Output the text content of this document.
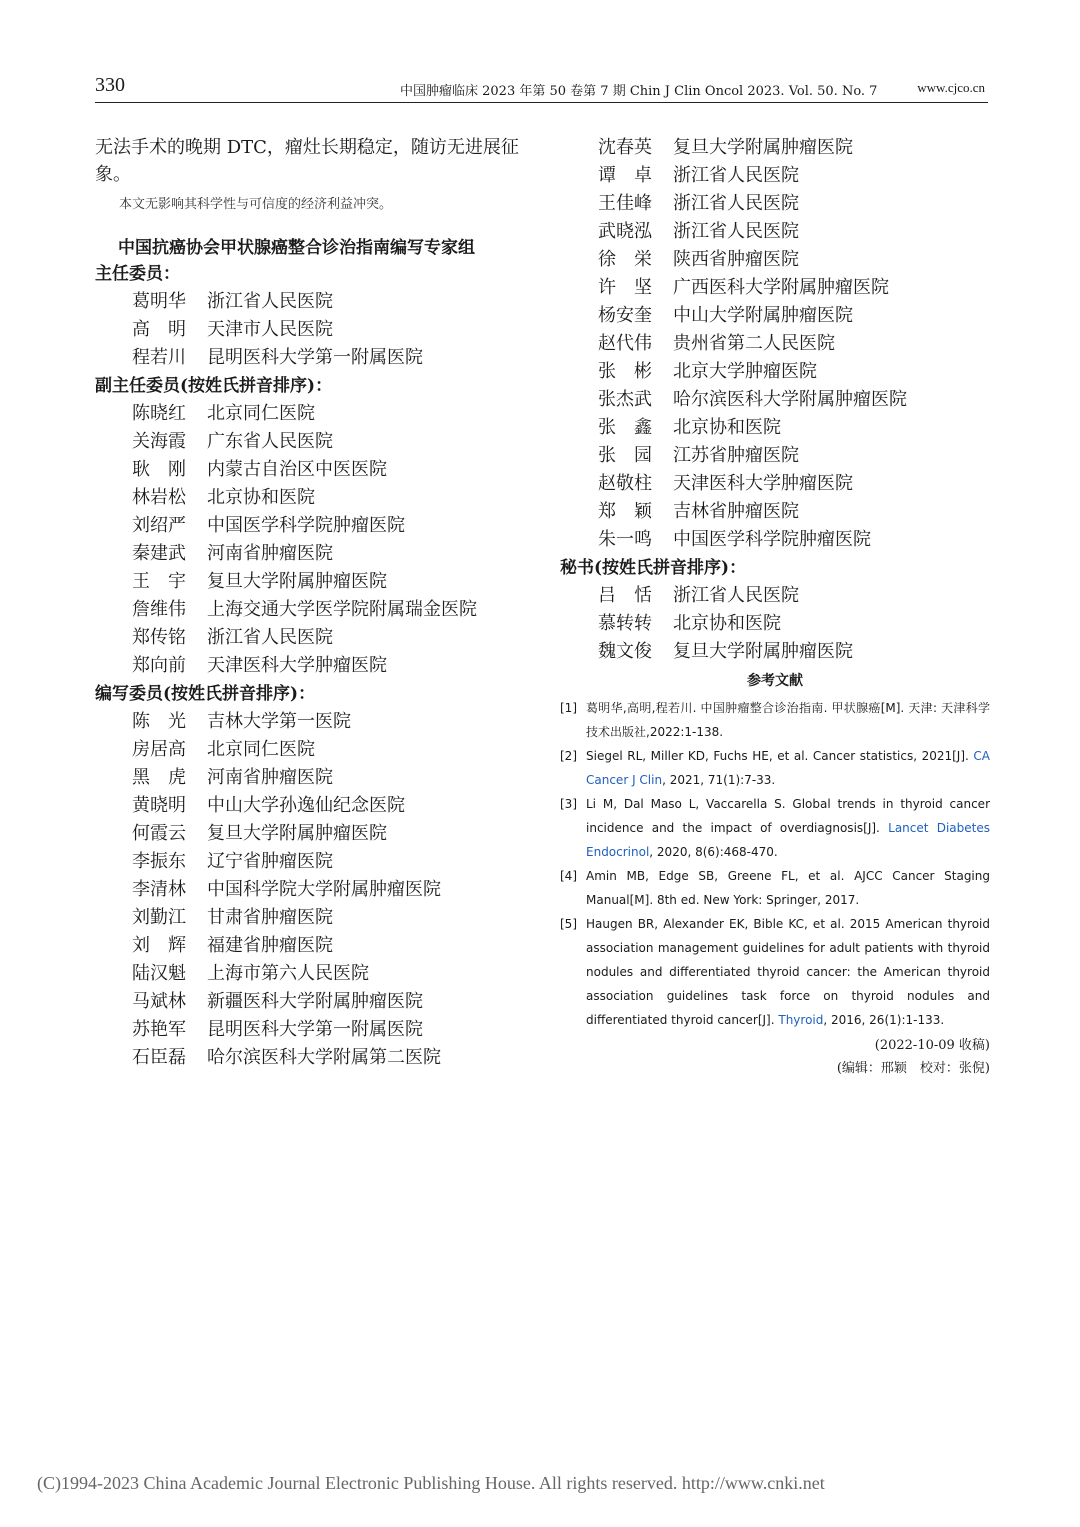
330	中国肿瘤临床 2023 年第 50 卷第 7 期 Chin J Clin Oncol 2023. Vol. 50. No. 7	www.cjco.cn

无法手术的晚期 DTC，瘤灶长期稳定，随访无进展征象。

本文无影响其科学性与可信度的经济利益冲突。

中国抗癌协会甲状腺癌整合诊治指南编写专家组
主任委员：
葛明华	浙江省人民医院
高　明	天津市人民医院
程若川	昆明医科大学第一附属医院
副主任委员(按姓氏拼音排序)：
陈晓红	北京同仁医院
关海霞	广东省人民医院
耿　刚	内蒙古自治区中医医院
林岩松	北京协和医院
刘绍严	中国医学科学院肿瘤医院
秦建武	河南省肿瘤医院
王　宇	复旦大学附属肿瘤医院
詹维伟	上海交通大学医学院附属瑞金医院
郑传铭	浙江省人民医院
郑向前	天津医科大学肿瘤医院
编写委员(按姓氏拼音排序)：
陈　光	吉林大学第一医院
房居高	北京同仁医院
黑　虎	河南省肿瘤医院
黄晓明	中山大学孙逸仙纪念医院
何霞云	复旦大学附属肿瘤医院
李振东	辽宁省肿瘤医院
李清林	中国科学院大学附属肿瘤医院
刘勤江	甘肃省肿瘤医院
刘　辉	福建省肿瘤医院
陆汉魁	上海市第六人民医院
马斌林	新疆医科大学附属肿瘤医院
苏艳军	昆明医科大学第一附属医院
石臣磊	哈尔滨医科大学附属第二医院
沈春英	复旦大学附属肿瘤医院
谭　卓	浙江省人民医院
王佳峰	浙江省人民医院
武晓泓	浙江省人民医院
徐　栄	陕西省肿瘤医院
许　坚	广西医科大学附属肿瘤医院
杨安奎	中山大学附属肿瘤医院
赵代伟	贵州省第二人民医院
张　彬	北京大学肿瘤医院
张杰武	哈尔滨医科大学附属肿瘤医院
张　鑫	北京协和医院
张　园	江苏省肿瘤医院
赵敬柱	天津医科大学肿瘤医院
郑　颖	吉林省肿瘤医院
朱一鸣	中国医学科学院肿瘤医院
秘书(按姓氏拼音排序)：
吕　恬	浙江省人民医院
慕转转	北京协和医院
魏文俊	复旦大学附属肿瘤医院
参考文献
[1] 葛明华,高明,程若川. 中国肿瘤整合诊治指南. 甲状腺癌[M]. 天津: 天津科学技术出版社,2022:1-138.
[2] Siegel RL, Miller KD, Fuchs HE, et al. Cancer statistics, 2021[J]. CA Cancer J Clin, 2021, 71(1):7-33.
[3] Li M, Dal Maso L, Vaccarella S. Global trends in thyroid cancer incidence and the impact of overdiagnosis[J]. Lancet Diabetes Endocrinol, 2020, 8(6):468-470.
[4] Amin MB, Edge SB, Greene FL, et al. AJCC Cancer Staging Manual[M]. 8th ed. New York: Springer, 2017.
[5] Haugen BR, Alexander EK, Bible KC, et al. 2015 American thyroid association management guidelines for adult patients with thyroid nodules and differentiated thyroid cancer: the American thyroid association guidelines task force on thyroid nodules and differentiated thyroid cancer[J]. Thyroid, 2016, 26(1):1-133.
(2022-10-09 收稿)
(编辑：邢颖　校对：张倪)
(C)1994-2023 China Academic Journal Electronic Publishing House. All rights reserved. http://www.cnki.net
